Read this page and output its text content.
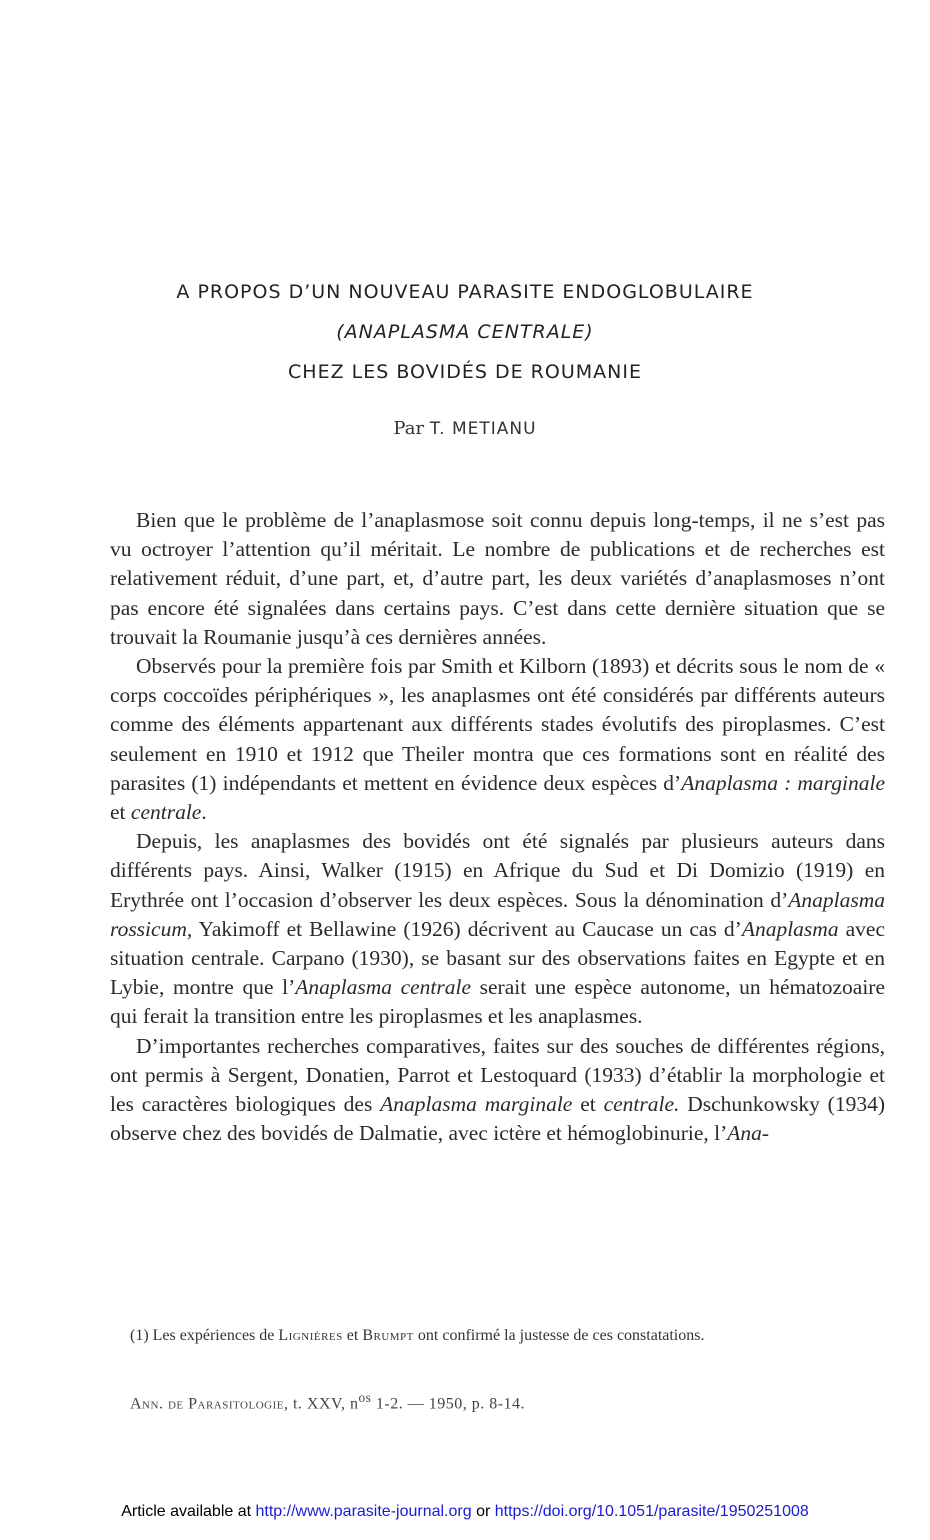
A PROPOS D’UN NOUVEAU PARASITE ENDOGLOBULAIRE
(ANAPLASMA CENTRALE)
CHEZ LES BOVIDÉS DE ROUMANIE
Par T. METIANU

Bien que le problème de l’anaplasmose soit connu depuis long-temps, il ne s’est pas vu octroyer l’attention qu’il méritait. Le nombre de publications et de recherches est relativement réduit, d’une part, et, d’autre part, les deux variétés d’anaplasmoses n’ont pas encore été signalées dans certains pays. C’est dans cette dernière situation que se trouvait la Roumanie jusqu’à ces dernières années.

Observés pour la première fois par Smith et Kilborn (1893) et décrits sous le nom de « corps coccoïdes périphériques », les anaplasmes ont été considérés par différents auteurs comme des éléments appartenant aux différents stades évolutifs des piroplasmes. C’est seulement en 1910 et 1912 que Theiler montra que ces formations sont en réalité des parasites (1) indépendants et mettent en évidence deux espèces d’Anaplasma : marginale et centrale.

Depuis, les anaplasmes des bovidés ont été signalés par plusieurs auteurs dans différents pays. Ainsi, Walker (1915) en Afrique du Sud et Di Domizio (1919) en Erythrée ont l’occasion d’observer les deux espèces. Sous la dénomination d’Anaplasma rossicum, Yakimoff et Bellawine (1926) décrivent au Caucase un cas d’Anaplasma avec situation centrale. Carpano (1930), se basant sur des observations faites en Egypte et en Lybie, montre que l’Anaplasma centrale serait une espèce autonome, un hématozoaire qui ferait la transition entre les piroplasmes et les anaplasmes.

D’importantes recherches comparatives, faites sur des souches de différentes régions, ont permis à Sergent, Donatien, Parrot et Lestoquard (1933) d’établir la morphologie et les caractères biologiques des Anaplasma marginale et centrale. Dschunkowsky (1934) observe chez des bovidés de Dalmatie, avec ictère et hémoglobinurie, l’Ana-

(1) Les expériences de Lignières et Brumpt ont confirmé la justesse de ces constatations.
Ann. de Parasitologie, t. XXV, $n^{os}$ 1-2. — 1950, p. 8-14.
Article available at http://www.parasite-journal.org or https://doi.org/10.1051/parasite/1950251008
